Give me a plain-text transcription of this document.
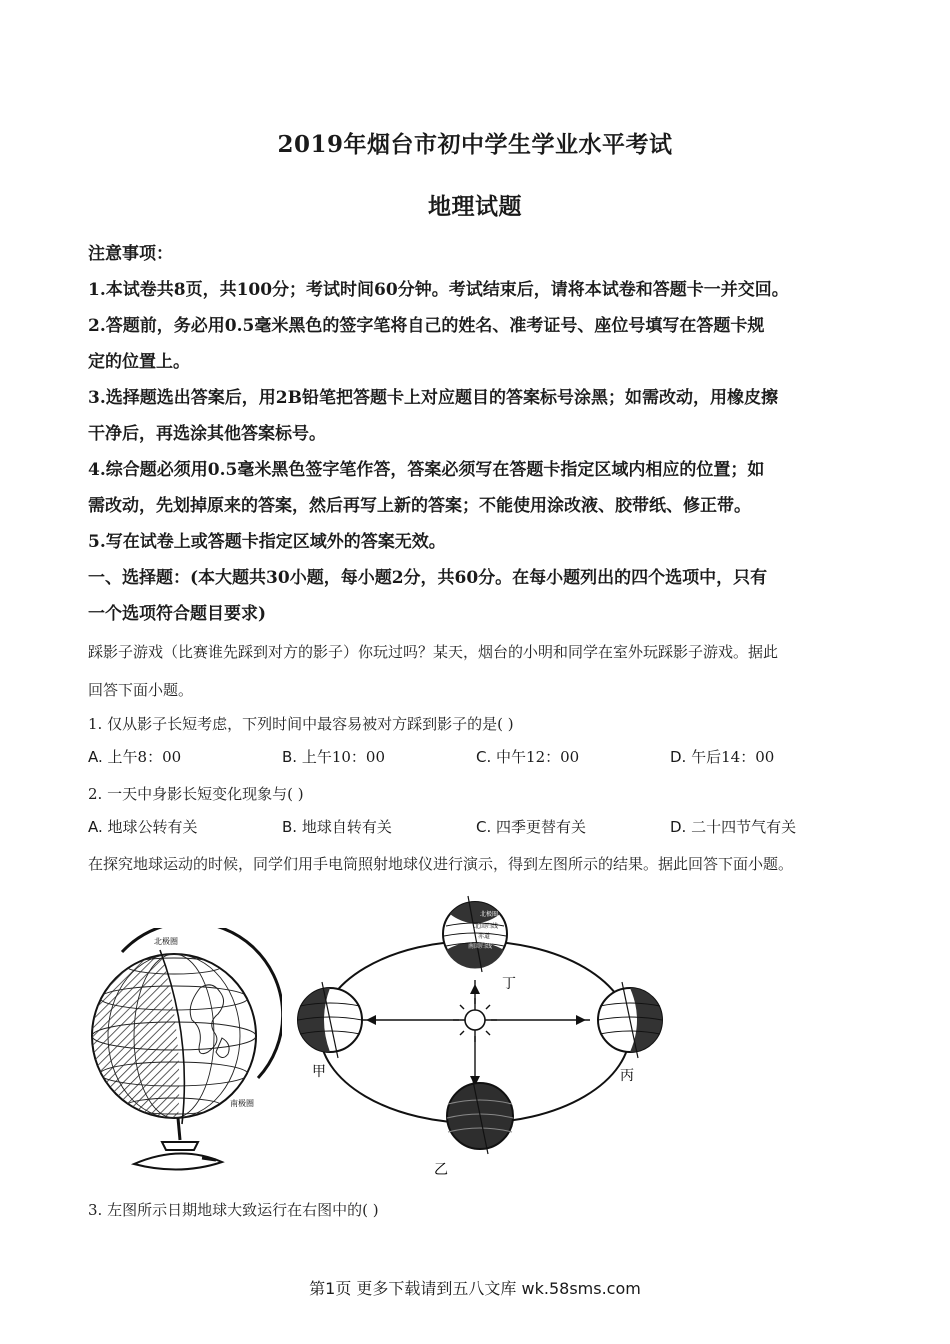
2019年烟台市初中学生学业水平考试
地理试题
注意事项：
1.本试卷共8页，共100分；考试时间60分钟。考试结束后，请将本试卷和答题卡一并交回。
2.答题前，务必用0.5毫米黑色的签字笔将自己的姓名、准考证号、座位号填写在答题卡规
定的位置上。
3.选择题选出答案后，用2B铅笔把答题卡上对应题目的答案标号涂黑；如需改动，用橡皮擦
干净后，再选涂其他答案标号。
4.综合题必须用0.5毫米黑色签字笔作答，答案必须写在答题卡指定区域内相应的位置；如
需改动，先划掉原来的答案，然后再写上新的答案；不能使用涂改液、胶带纸、修正带。
5.写在试卷上或答题卡指定区域外的答案无效。
一、选择题：(本大题共30小题，每小题2分，共60分。在每小题列出的四个选项中，只有
一个选项符合题目要求)
踩影子游戏（比赛谁先踩到对方的影子）你玩过吗？某天，烟台的小明和同学在室外玩踩影子游戏。据此
回答下面小题。
1. 仅从影子长短考虑，下列时间中最容易被对方踩到影子的是( )
A. 上午8：00	B. 上午10：00	C. 中午12：00	D. 午后14：00
2. 一天中身影长短变化现象与( )
A. 地球公转有关	B. 地球自转有关	C. 四季更替有关	D. 二十四节气有关
在探究地球运动的时候，同学们用手电筒照射地球仪进行演示，得到左图所示的结果。据此回答下面小题。
北极圈
南极圈
北极圈
北回归线
赤道
南回归线
丁
甲	丙
乙
3. 左图所示日期地球大致运行在右图中的( )
第1页 更多下载请到五八文库 wk.58sms.com
